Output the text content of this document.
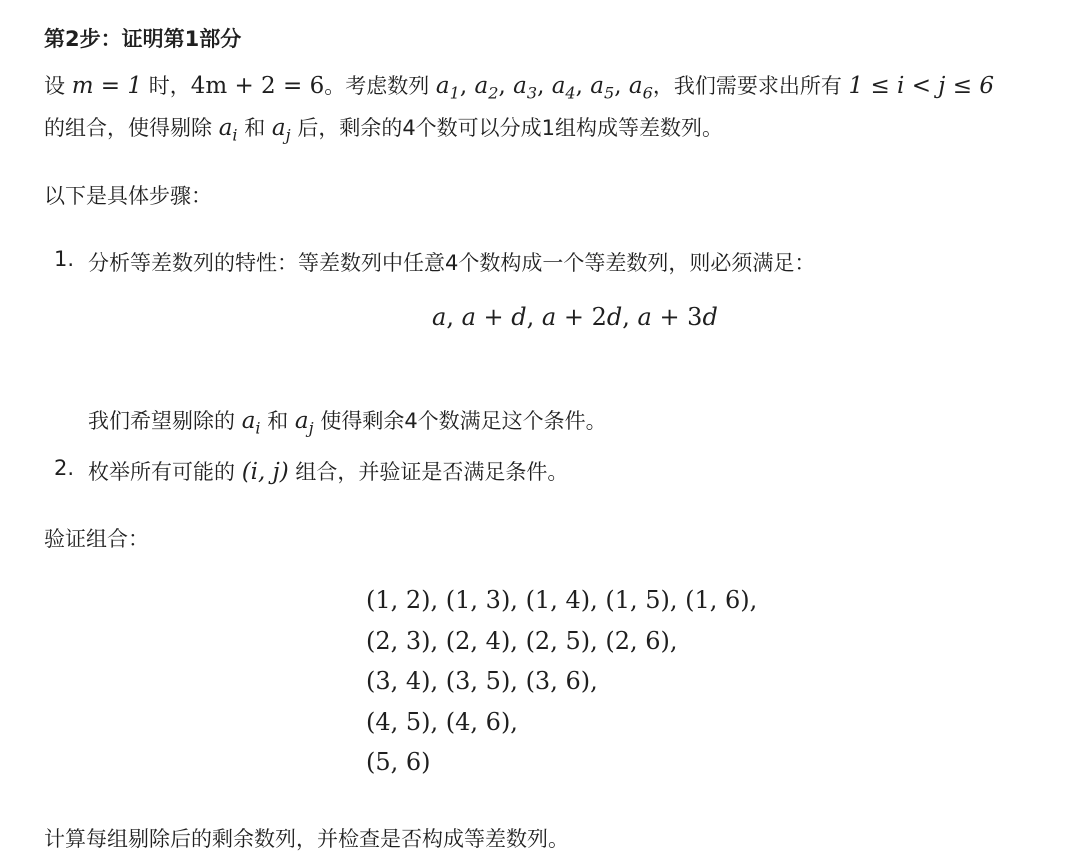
第2步：证明第1部分
设 m = 1 时，4m + 2 = 6。考虑数列 $a_1$, $a_2$, $a_3$, $a_4$, $a_5$, $a_6$，我们需要求出所有 1 ≤ i < j ≤ 6
的组合，使得剔除 $a_i$ 和 $a_j$ 后，剩余的4个数可以分成1组构成等差数列。
以下是具体步骤：
1. 分析等差数列的特性：等差数列中任意4个数构成一个等差数列，则必须满足：
a, a + d, a + 2d, a + 3d
我们希望剔除的 $a_i$ 和 $a_j$ 使得剩余4个数满足这个条件。
2. 枚举所有可能的 (i, j) 组合，并验证是否满足条件。
验证组合：
(1, 2), (1, 3), (1, 4), (1, 5), (1, 6),
(2, 3), (2, 4), (2, 5), (2, 6),
(3, 4), (3, 5), (3, 6),
(4, 5), (4, 6),
(5, 6)
计算每组剔除后的剩余数列，并检查是否构成等差数列。
